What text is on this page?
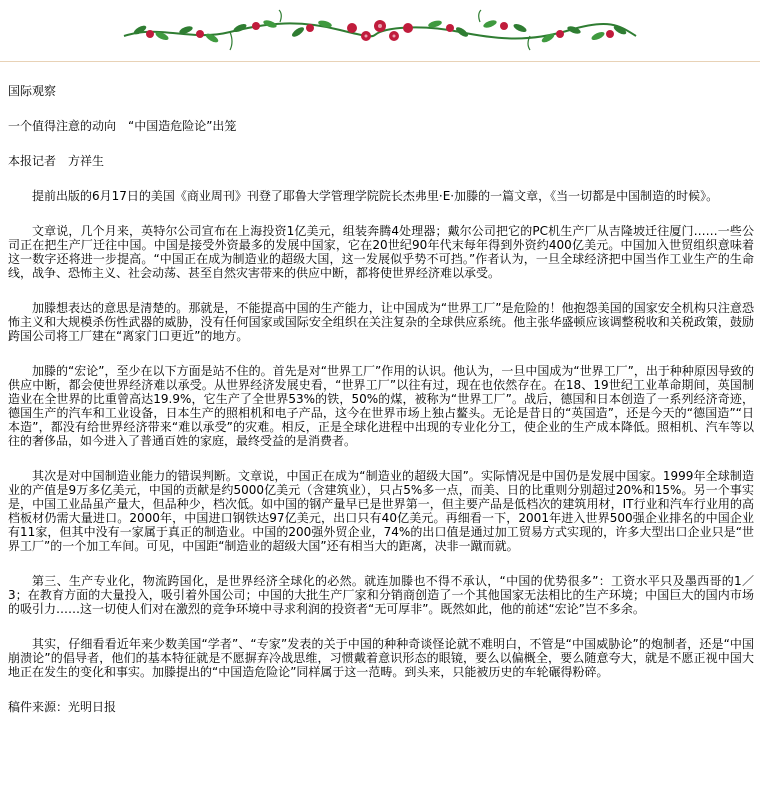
国际观察

一个值得注意的动向　“中国造危险论”出笼

本报记者　方祥生

提前出版的6月17日的美国《商业周刊》刊登了耶鲁大学管理学院院长杰弗里·E·加滕的一篇文章，《当一切都是中国制造的时候》。

文章说，几个月来，英特尔公司宣布在上海投资1亿美元，组装奔腾4处理器；戴尔公司把它的PC机生产厂从吉隆坡迁往厦门……一些公司正在把生产厂迁往中国。中国是接受外资最多的发展中国家，它在20世纪90年代末每年得到外资约400亿美元。中国加入世贸组织意味着这一数字还将进一步提高。“中国正在成为制造业的超级大国，这一发展似乎势不可挡。”作者认为，一旦全球经济把中国当作工业生产的生命线，战争、恐怖主义、社会动荡、甚至自然灾害带来的供应中断，都将使世界经济难以承受。

加滕想表达的意思是清楚的。那就是，不能提高中国的生产能力，让中国成为“世界工厂”是危险的！他抱怨美国的国家安全机构只注意恐怖主义和大规模杀伤性武器的威胁，没有任何国家或国际安全组织在关注复杂的全球供应系统。他主张华盛顿应该调整税收和关税政策，鼓励跨国公司将工厂建在“离家门口更近”的地方。

加滕的“宏论”，至少在以下方面是站不住的。首先是对“世界工厂”作用的认识。他认为，一旦中国成为“世界工厂”，出于种种原因导致的供应中断，都会使世界经济难以承受。从世界经济发展史看，“世界工厂”以往有过，现在也依然存在。在18、19世纪工业革命期间，英国制造业在全世界的比重曾高达19.9%，它生产了全世界53%的铁，50%的煤，被称为“世界工厂”。战后，德国和日本创造了一系列经济奇迹，德国生产的汽车和工业设备，日本生产的照相机和电子产品，这今在世界市场上独占鳌头。无论是昔日的“英国造”，还是今天的“德国造”“日本造”，都没有给世界经济带来“难以承受”的灾难。相反，正是全球化进程中出现的专业化分工，使企业的生产成本降低。照相机、汽车等以往的奢侈品，如今进入了普通百姓的家庭，最终受益的是消费者。

其次是对中国制造业能力的错误判断。文章说，中国正在成为“制造业的超级大国”。实际情况是中国仍是发展中国家。1999年全球制造业的产值是9万多亿美元，中国的贡献是约5000亿美元（含建筑业），只占5%多一点，而美、日的比重则分别超过20%和15%。另一个事实是，中国工业品虽产量大，但品种少，档次低。如中国的钢产量早已是世界第一，但主要产品是低档次的建筑用材，IT行业和汽车行业用的高档板材仍需大量进口。2000年，中国进口钢铁达97亿美元，出口只有40亿美元。再细看一下，2001年进入世界500强企业排名的中国企业有11家，但其中没有一家属于真正的制造业。中国的200强外贸企业，74%的出口值是通过加工贸易方式实现的，许多大型出口企业只是“世界工厂”的一个加工车间。可见，中国距“制造业的超级大国”还有相当大的距离，决非一蹴而就。

第三、生产专业化，物流跨国化，是世界经济全球化的必然。就连加滕也不得不承认，“中国的优势很多”：工资水平只及墨西哥的1／3；在教育方面的大量投入，吸引着外国公司；中国的大批生产厂家和分销商创造了一个其他国家无法相比的生产环境；中国巨大的国内市场的吸引力……这一切使人们对在激烈的竞争环境中寻求利润的投资者“无可厚非”。既然如此，他的前述“宏论”岂不多余。

其实，仔细看看近年来少数美国“学者”、“专家”发表的关于中国的种种奇谈怪论就不难明白，不管是“中国威胁论”的炮制者，还是“中国崩溃论”的倡导者，他们的基本特征就是不愿摒弃冷战思维，习惯戴着意识形态的眼镜，要么以偏概全，要么随意夸大，就是不愿正视中国大地正在发生的变化和事实。加滕提出的“中国造危险论”同样属于这一范畴。到头来，只能被历史的车轮碾得粉碎。

稿件来源：光明日报
